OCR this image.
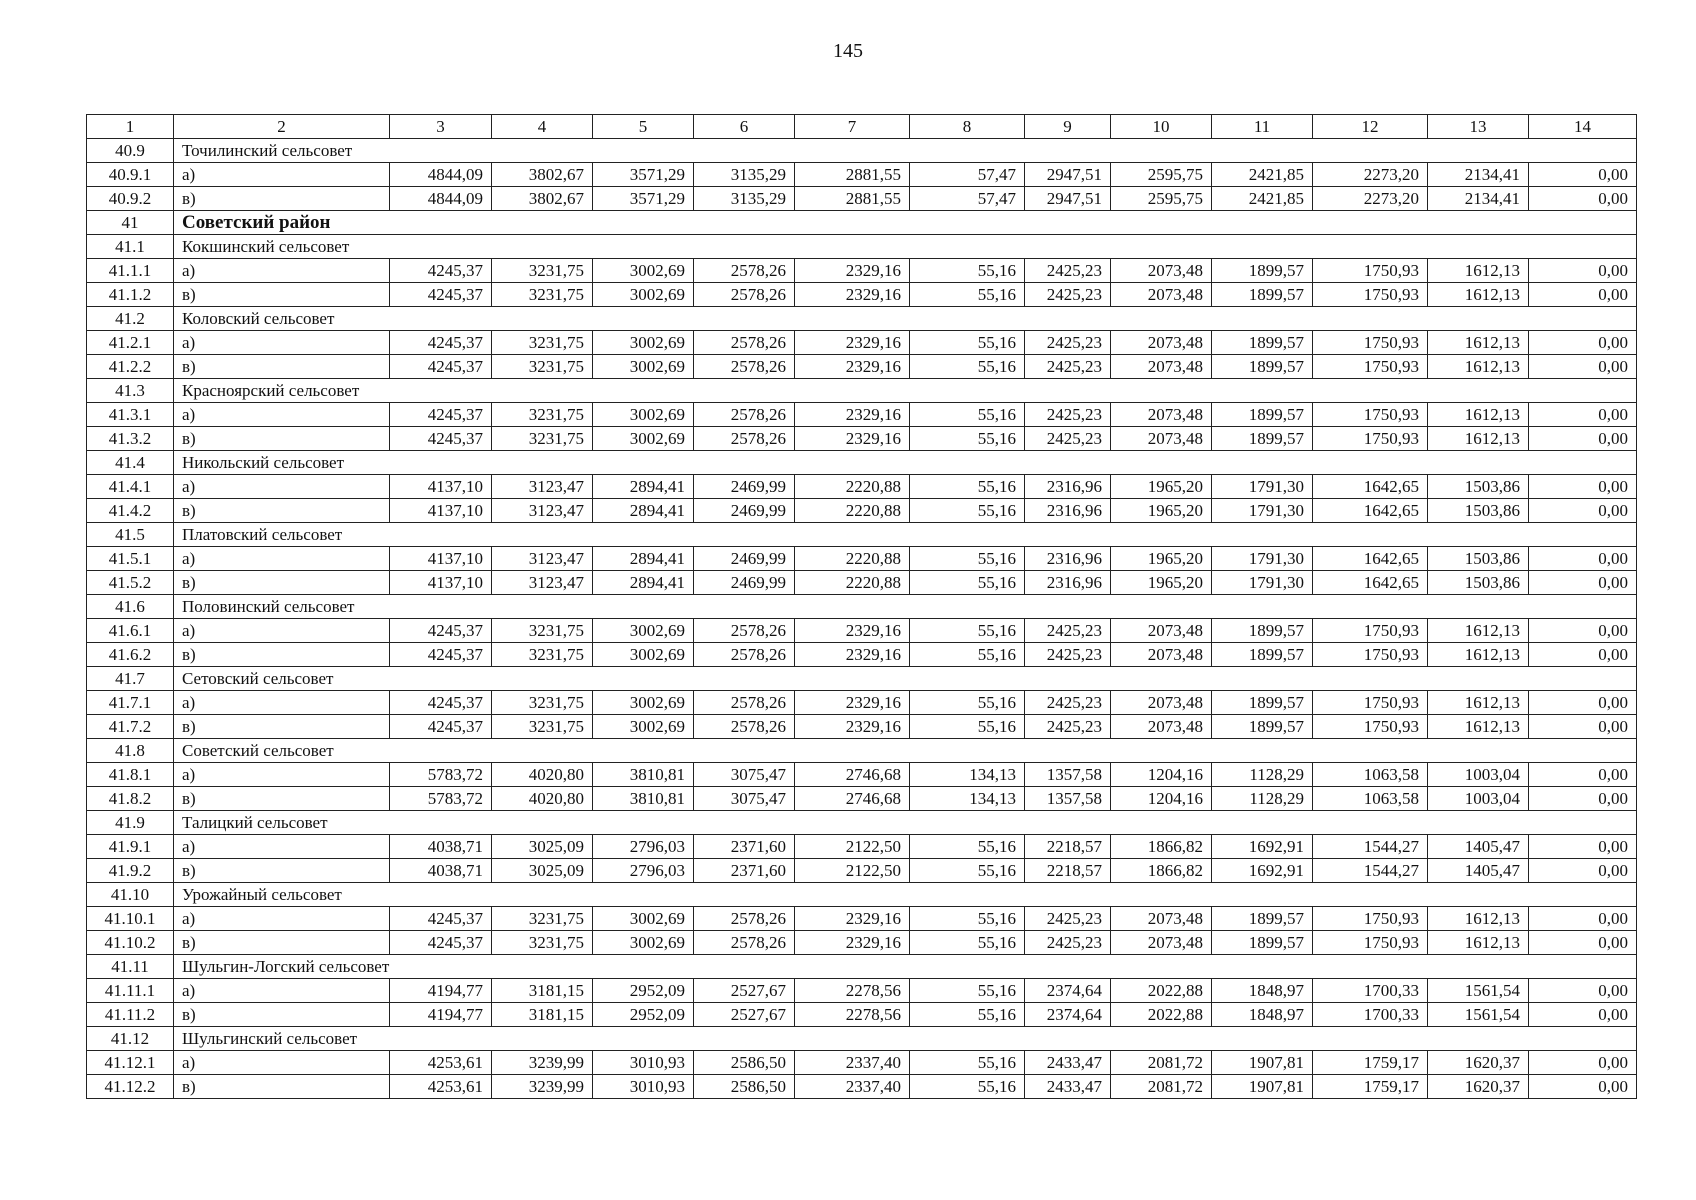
145
1	2	3	4	5	6	7	8	9	10	11	12	13	14
40.9	Точилинский сельсовет												
40.9.1	а)	4844,09	3802,67	3571,29	3135,29	2881,55	57,47	2947,51	2595,75	2421,85	2273,20	2134,41	0,00
40.9.2	в)	4844,09	3802,67	3571,29	3135,29	2881,55	57,47	2947,51	2595,75	2421,85	2273,20	2134,41	0,00
41	Советский район												
41.1	Кокшинский сельсовет												
41.1.1	а)	4245,37	3231,75	3002,69	2578,26	2329,16	55,16	2425,23	2073,48	1899,57	1750,93	1612,13	0,00
41.1.2	в)	4245,37	3231,75	3002,69	2578,26	2329,16	55,16	2425,23	2073,48	1899,57	1750,93	1612,13	0,00
41.2	Коловский сельсовет												
41.2.1	а)	4245,37	3231,75	3002,69	2578,26	2329,16	55,16	2425,23	2073,48	1899,57	1750,93	1612,13	0,00
41.2.2	в)	4245,37	3231,75	3002,69	2578,26	2329,16	55,16	2425,23	2073,48	1899,57	1750,93	1612,13	0,00
41.3	Красноярский сельсовет												
41.3.1	а)	4245,37	3231,75	3002,69	2578,26	2329,16	55,16	2425,23	2073,48	1899,57	1750,93	1612,13	0,00
41.3.2	в)	4245,37	3231,75	3002,69	2578,26	2329,16	55,16	2425,23	2073,48	1899,57	1750,93	1612,13	0,00
41.4	Никольский сельсовет												
41.4.1	а)	4137,10	3123,47	2894,41	2469,99	2220,88	55,16	2316,96	1965,20	1791,30	1642,65	1503,86	0,00
41.4.2	в)	4137,10	3123,47	2894,41	2469,99	2220,88	55,16	2316,96	1965,20	1791,30	1642,65	1503,86	0,00
41.5	Платовский сельсовет												
41.5.1	а)	4137,10	3123,47	2894,41	2469,99	2220,88	55,16	2316,96	1965,20	1791,30	1642,65	1503,86	0,00
41.5.2	в)	4137,10	3123,47	2894,41	2469,99	2220,88	55,16	2316,96	1965,20	1791,30	1642,65	1503,86	0,00
41.6	Половинский сельсовет												
41.6.1	а)	4245,37	3231,75	3002,69	2578,26	2329,16	55,16	2425,23	2073,48	1899,57	1750,93	1612,13	0,00
41.6.2	в)	4245,37	3231,75	3002,69	2578,26	2329,16	55,16	2425,23	2073,48	1899,57	1750,93	1612,13	0,00
41.7	Сетовский сельсовет												
41.7.1	а)	4245,37	3231,75	3002,69	2578,26	2329,16	55,16	2425,23	2073,48	1899,57	1750,93	1612,13	0,00
41.7.2	в)	4245,37	3231,75	3002,69	2578,26	2329,16	55,16	2425,23	2073,48	1899,57	1750,93	1612,13	0,00
41.8	Советский сельсовет												
41.8.1	а)	5783,72	4020,80	3810,81	3075,47	2746,68	134,13	1357,58	1204,16	1128,29	1063,58	1003,04	0,00
41.8.2	в)	5783,72	4020,80	3810,81	3075,47	2746,68	134,13	1357,58	1204,16	1128,29	1063,58	1003,04	0,00
41.9	Талицкий сельсовет												
41.9.1	а)	4038,71	3025,09	2796,03	2371,60	2122,50	55,16	2218,57	1866,82	1692,91	1544,27	1405,47	0,00
41.9.2	в)	4038,71	3025,09	2796,03	2371,60	2122,50	55,16	2218,57	1866,82	1692,91	1544,27	1405,47	0,00
41.10	Урожайный сельсовет												
41.10.1	а)	4245,37	3231,75	3002,69	2578,26	2329,16	55,16	2425,23	2073,48	1899,57	1750,93	1612,13	0,00
41.10.2	в)	4245,37	3231,75	3002,69	2578,26	2329,16	55,16	2425,23	2073,48	1899,57	1750,93	1612,13	0,00
41.11	Шульгин-Логский сельсовет												
41.11.1	а)	4194,77	3181,15	2952,09	2527,67	2278,56	55,16	2374,64	2022,88	1848,97	1700,33	1561,54	0,00
41.11.2	в)	4194,77	3181,15	2952,09	2527,67	2278,56	55,16	2374,64	2022,88	1848,97	1700,33	1561,54	0,00
41.12	Шульгинский сельсовет												
41.12.1	а)	4253,61	3239,99	3010,93	2586,50	2337,40	55,16	2433,47	2081,72	1907,81	1759,17	1620,37	0,00
41.12.2	в)	4253,61	3239,99	3010,93	2586,50	2337,40	55,16	2433,47	2081,72	1907,81	1759,17	1620,37	0,00
